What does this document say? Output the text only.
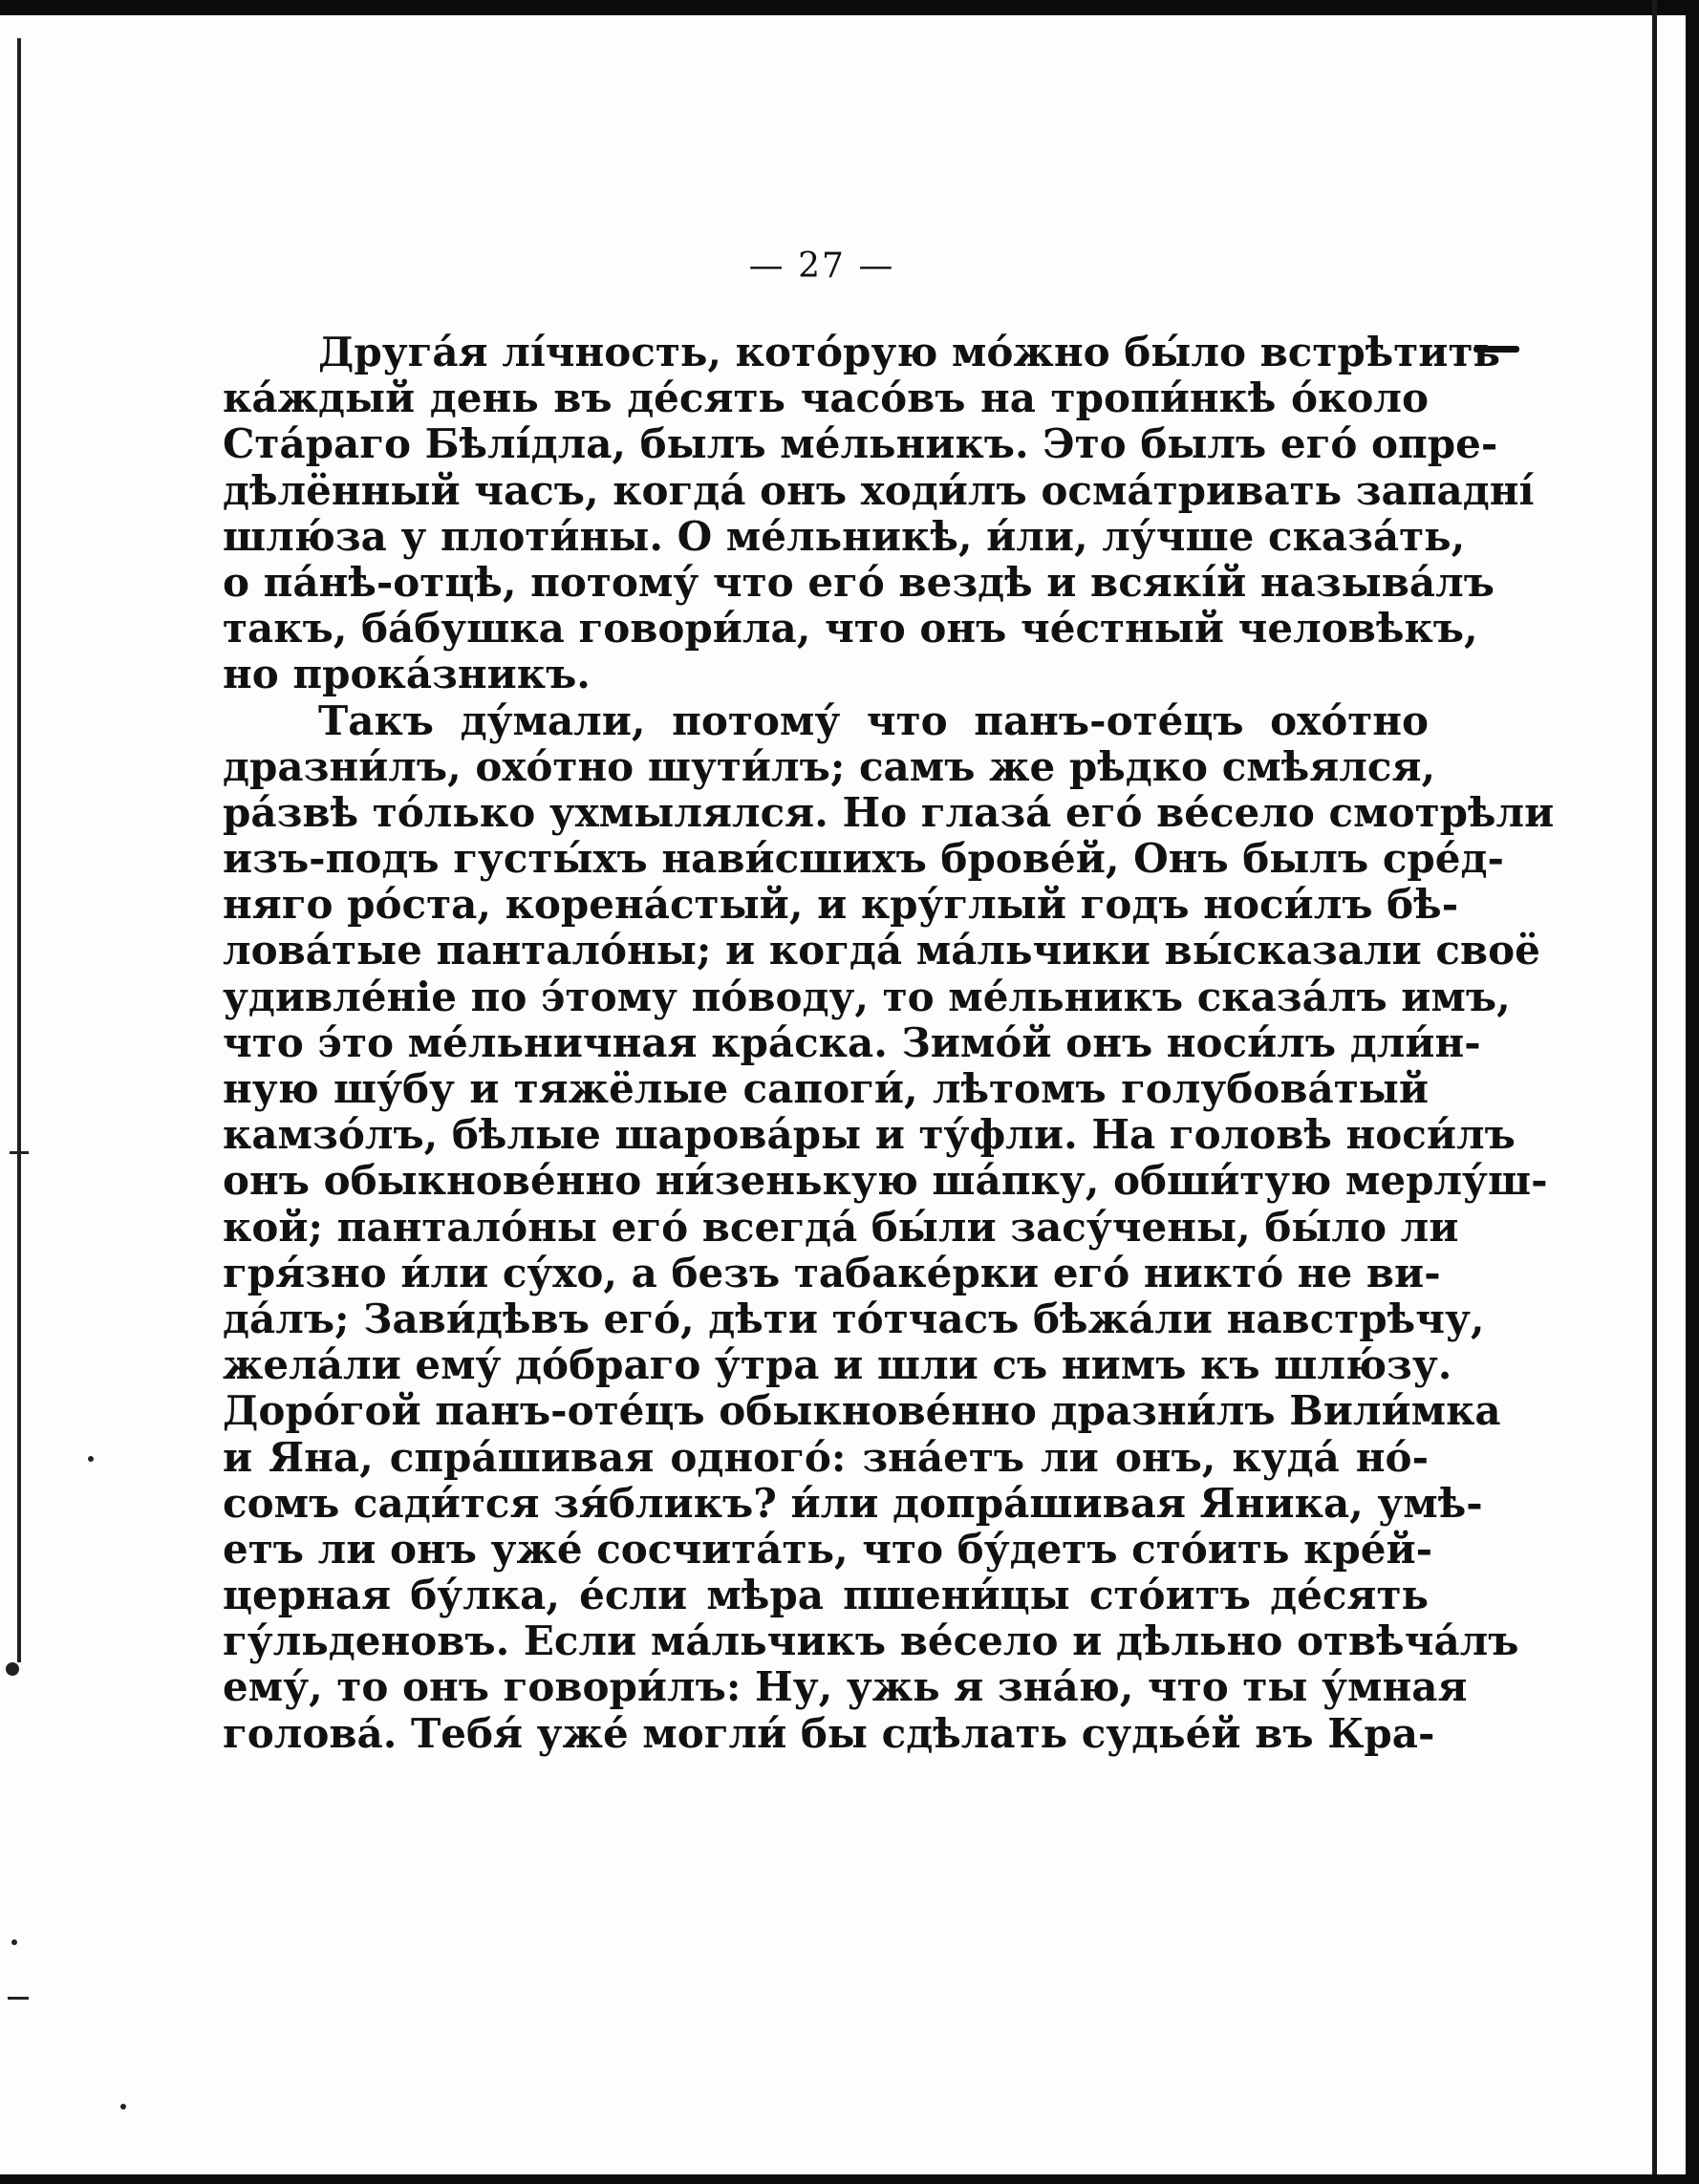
— 27 —
Другáя лíчность, котóрую мóжно бы́ло встрѣтить
кáждый день въ дéсять часóвъ на тропи́нкѣ óколо
Стáраго Бѣлíдла, былъ мéльникъ. Это былъ егó опре-
дѣлённый часъ, когдá онъ ходи́лъ осмáтривать западнí
шлю́за у плоти́ны. О мéльникѣ, и́ли, лу́чше сказáть,
о пáнѣ-отцѣ, потому́ что егó вездѣ и всякíй называ́лъ
такъ, бáбушка говори́ла, что онъ чéстный человѣкъ,
но прокáзникъ.
Такъ ду́мали, потому́ что панъ-отéцъ охóтно
дразни́лъ, охóтно шути́лъ; самъ же рѣдко смѣялся,
рáзвѣ тóлько ухмылялся. Но глазá егó вéсело смотрѣли
изъ-подъ густы́хъ нави́сшихъ бровéй, Онъ былъ срéд-
няго рóста, коренáстый, и кру́глый годъ носи́лъ бѣ-
ловáтые панталóны; и когдá мáльчики вы́сказали своё
удивлéніе по э́тому пóводу, то мéльникъ сказáлъ имъ,
что э́то мéльничная крáска. Зимóй онъ носи́лъ дли́н-
ную шу́бу и тяжёлые сапоги́, лѣтомъ голубовáтый
камзóлъ, бѣлые шаровáры и ту́фли. На головѣ носи́лъ
онъ обыкновéнно ни́зенькую шáпку, обши́тую мерлу́ш-
кой; панталóны егó всегдá бы́ли засу́чены, бы́ло ли
гря́зно и́ли су́хо, а безъ табакéрки егó никтó не ви-
дáлъ; Зави́дѣвъ егó, дѣти тóтчасъ бѣжáли навстрѣчу,
желáли ему́ дóбраго у́тра и шли съ нимъ къ шлю́зу.
Дорóгой панъ-отéцъ обыкновéнно дразни́лъ Вили́мка
и Яна, спрáшивая одногó: знáетъ ли онъ, кудá нó-
сомъ сади́тся зя́бликъ? и́ли допрáшивая Яника, умѣ-
етъ ли онъ ужé сосчитáть, что бу́детъ стóить крéй-
церная бу́лка, éсли мѣра пшени́цы стóитъ дéсять
гу́льденовъ. Если мáльчикъ вéсело и дѣльно отвѣчáлъ
ему́, то онъ говори́лъ: Ну, ужь я знáю, что ты у́мная
головá. Тебя́ ужé могли́ бы сдѣлать судьéй въ Кра-
